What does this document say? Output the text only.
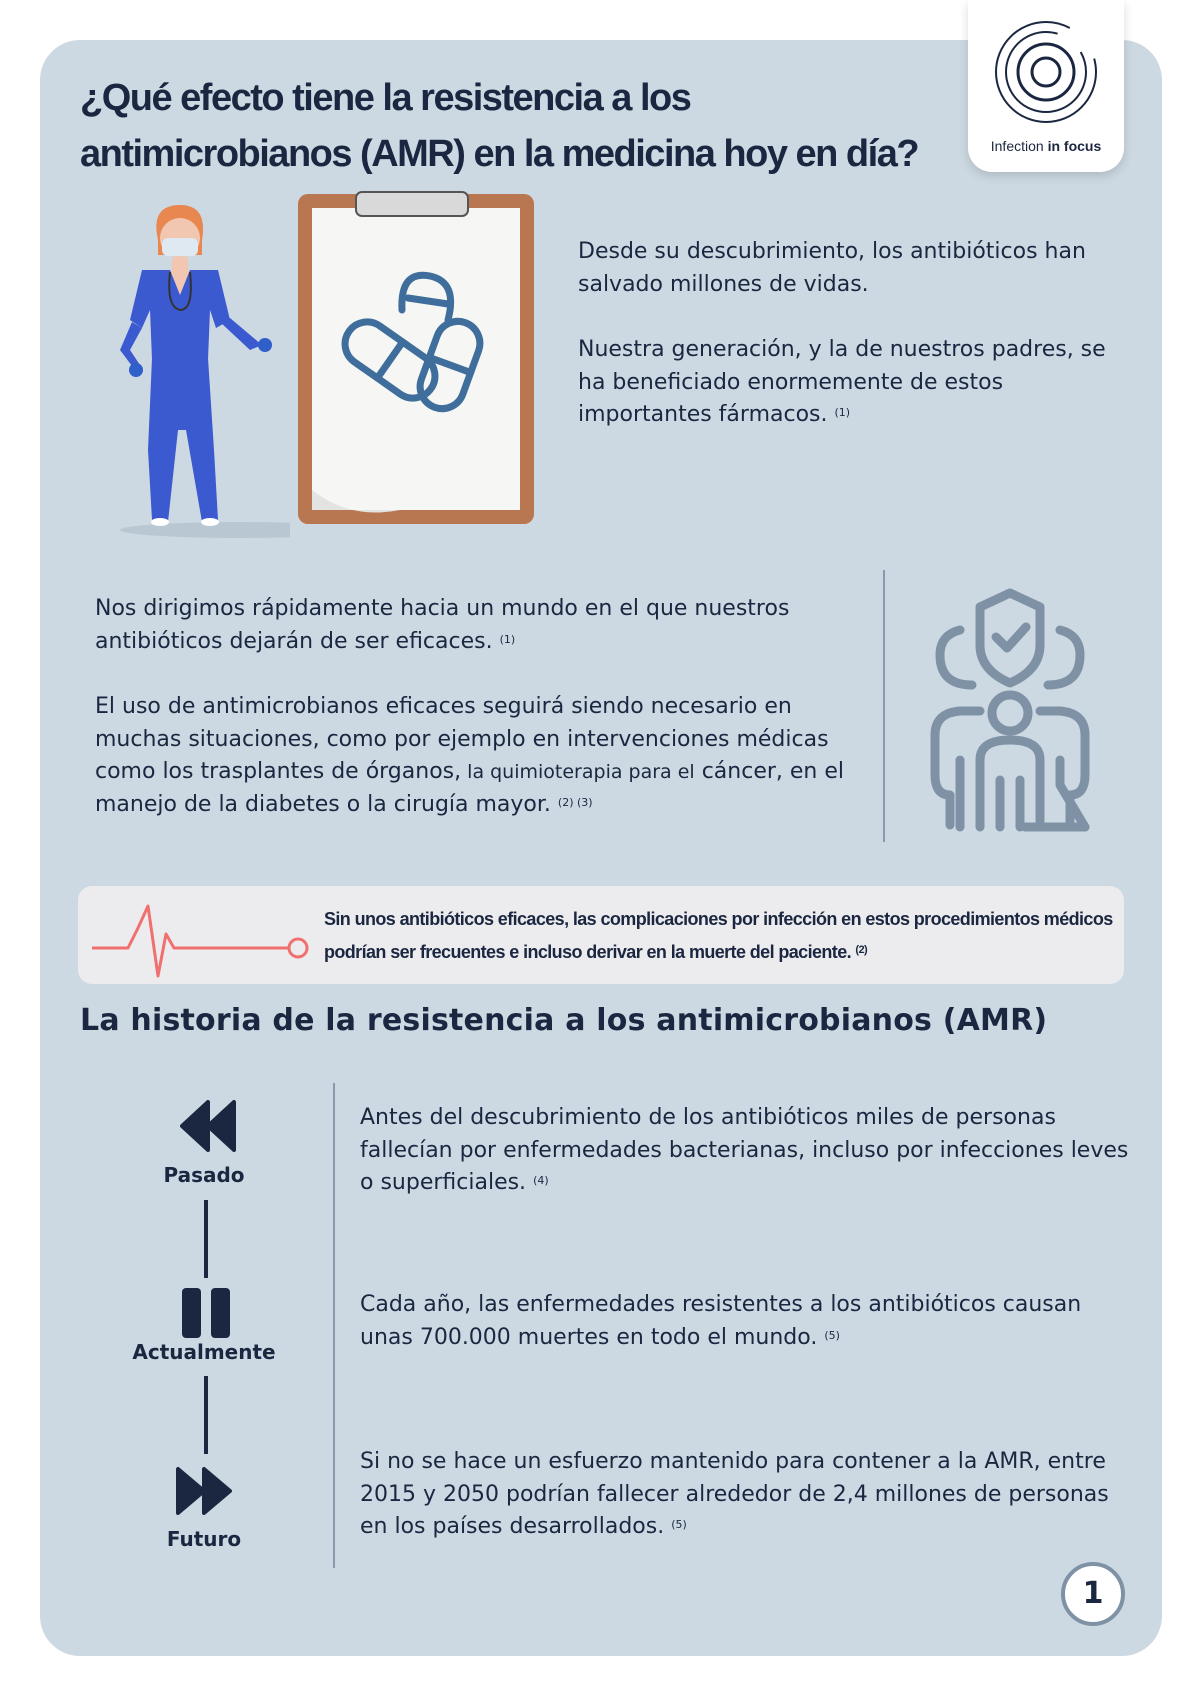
Infection in focus
¿Qué efecto tiene la resistencia a los antimicrobianos (AMR) en la medicina hoy en día?

Desde su descubrimiento, los antibióticos han salvado millones de vidas.

Nuestra generación, y la de nuestros padres, se ha beneficiado enormemente de estos importantes fármacos. $^{(1)}$

Nos dirigimos rápidamente hacia un mundo en el que nuestros antibióticos dejarán de ser eficaces. $^{(1)}$

El uso de antimicrobianos eficaces seguirá siendo necesario en muchas situaciones, como por ejemplo en intervenciones médicas como los trasplantes de órganos, la quimioterapia para el cáncer, en el manejo de la diabetes o la cirugía mayor. $^{(2) (3)}$

Sin unos antibióticos eficaces, las complicaciones por infección en estos procedimientos médicos podrían ser frecuentes e incluso derivar en la muerte del paciente. $^{(2)}$

La historia de la resistencia a los antimicrobianos (AMR)
Pasado
Actualmente
Futuro

Antes del descubrimiento de los antibióticos miles de personas fallecían por enfermedades bacterianas, incluso por infecciones leves o superficiales. $^{(4)}$

Cada año, las enfermedades resistentes a los antibióticos causan unas 700.000 muertes en todo el mundo. $^{(5)}$

Si no se hace un esfuerzo mantenido para contener a la AMR, entre 2015 y 2050 podrían fallecer alrededor de 2,4 millones de personas en los países desarrollados. $^{(5)}$

1
